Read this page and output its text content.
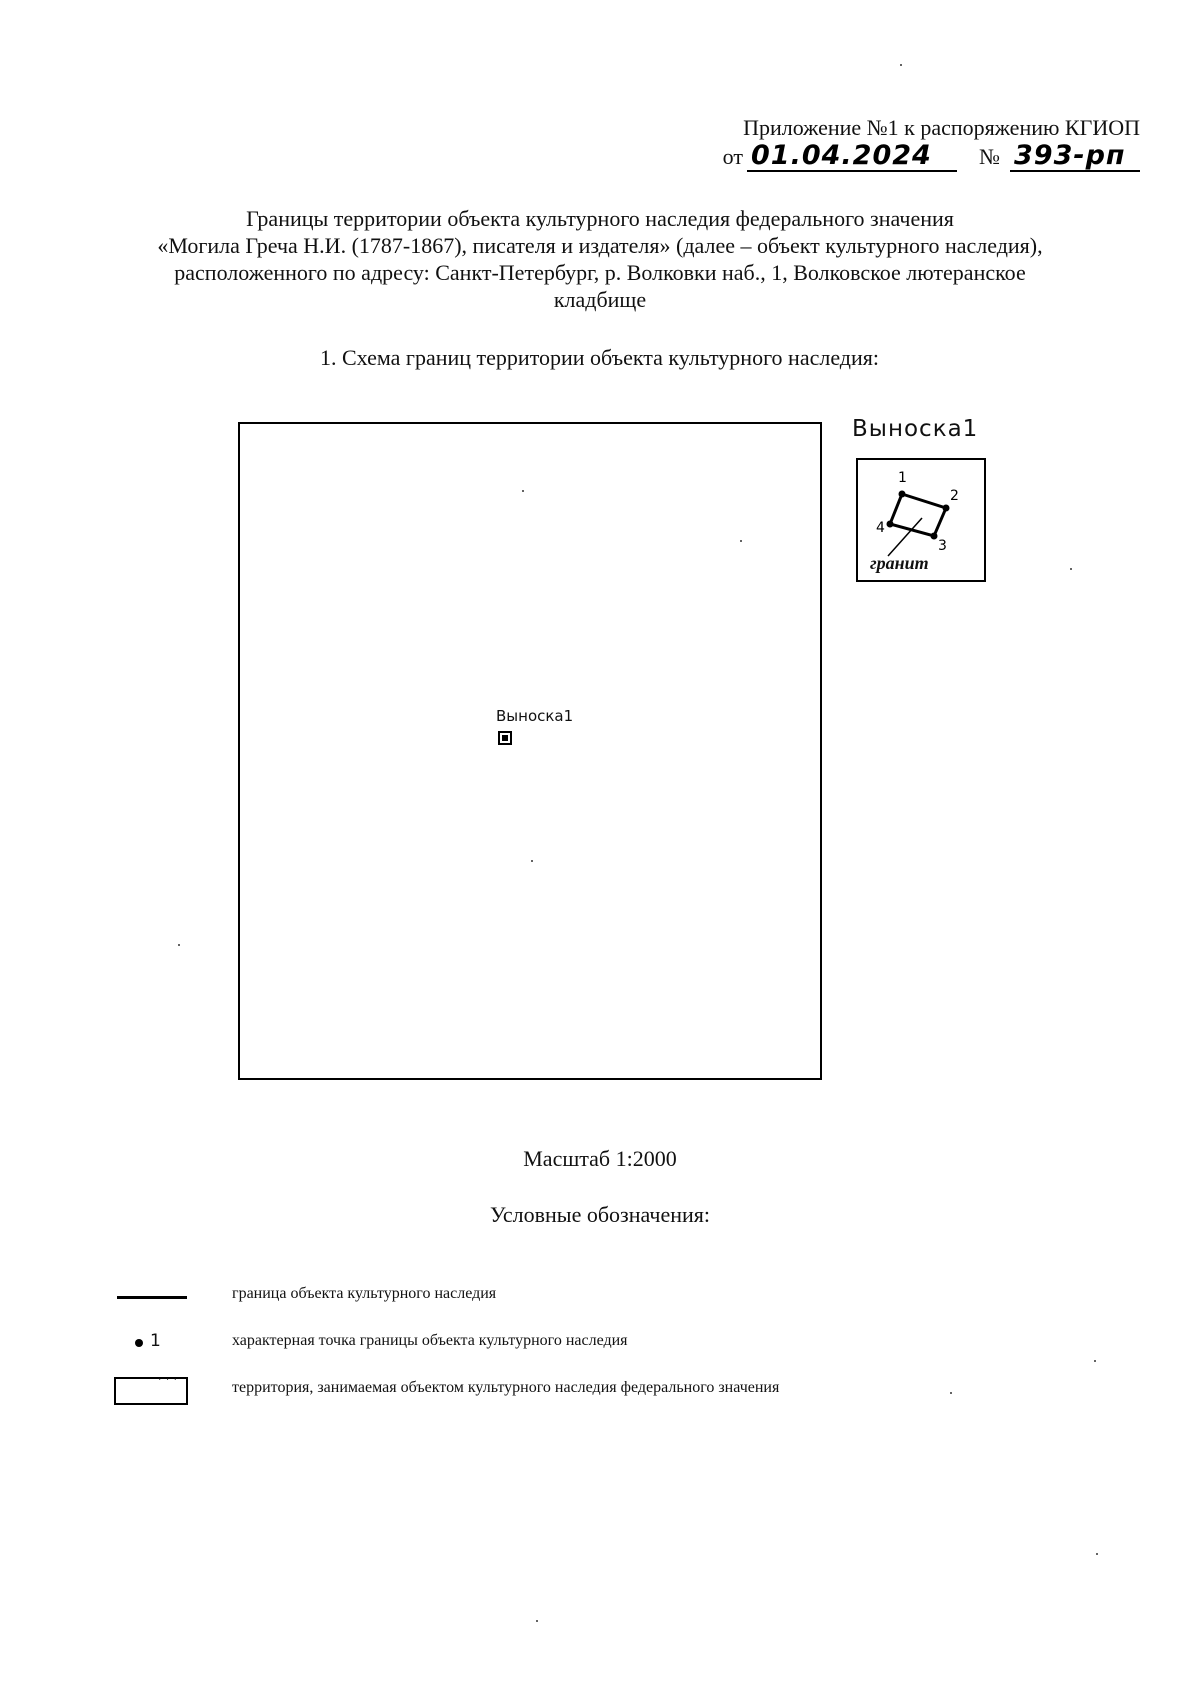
Приложение №1 к распоряжению КГИОП
от 01.04.2024	№ 393-рп
Границы территории объекта культурного наследия федерального значения
«Могила Греча Н.И. (1787-1867), писателя и издателя» (далее – объект культурного наследия),
расположенного по адресу: Санкт-Петербург, р. Волковки наб., 1, Волковское лютеранское
кладбище
1. Схема границ территории объекта культурного наследия:
Выноска1
Выноска1
1
2
3
4
гранит
Масштаб 1:2000
Условные обозначения:
граница объекта культурного наследия
1	характерная точка границы объекта культурного наследия
· · ·
территория, занимаемая объектом культурного наследия федерального значения
